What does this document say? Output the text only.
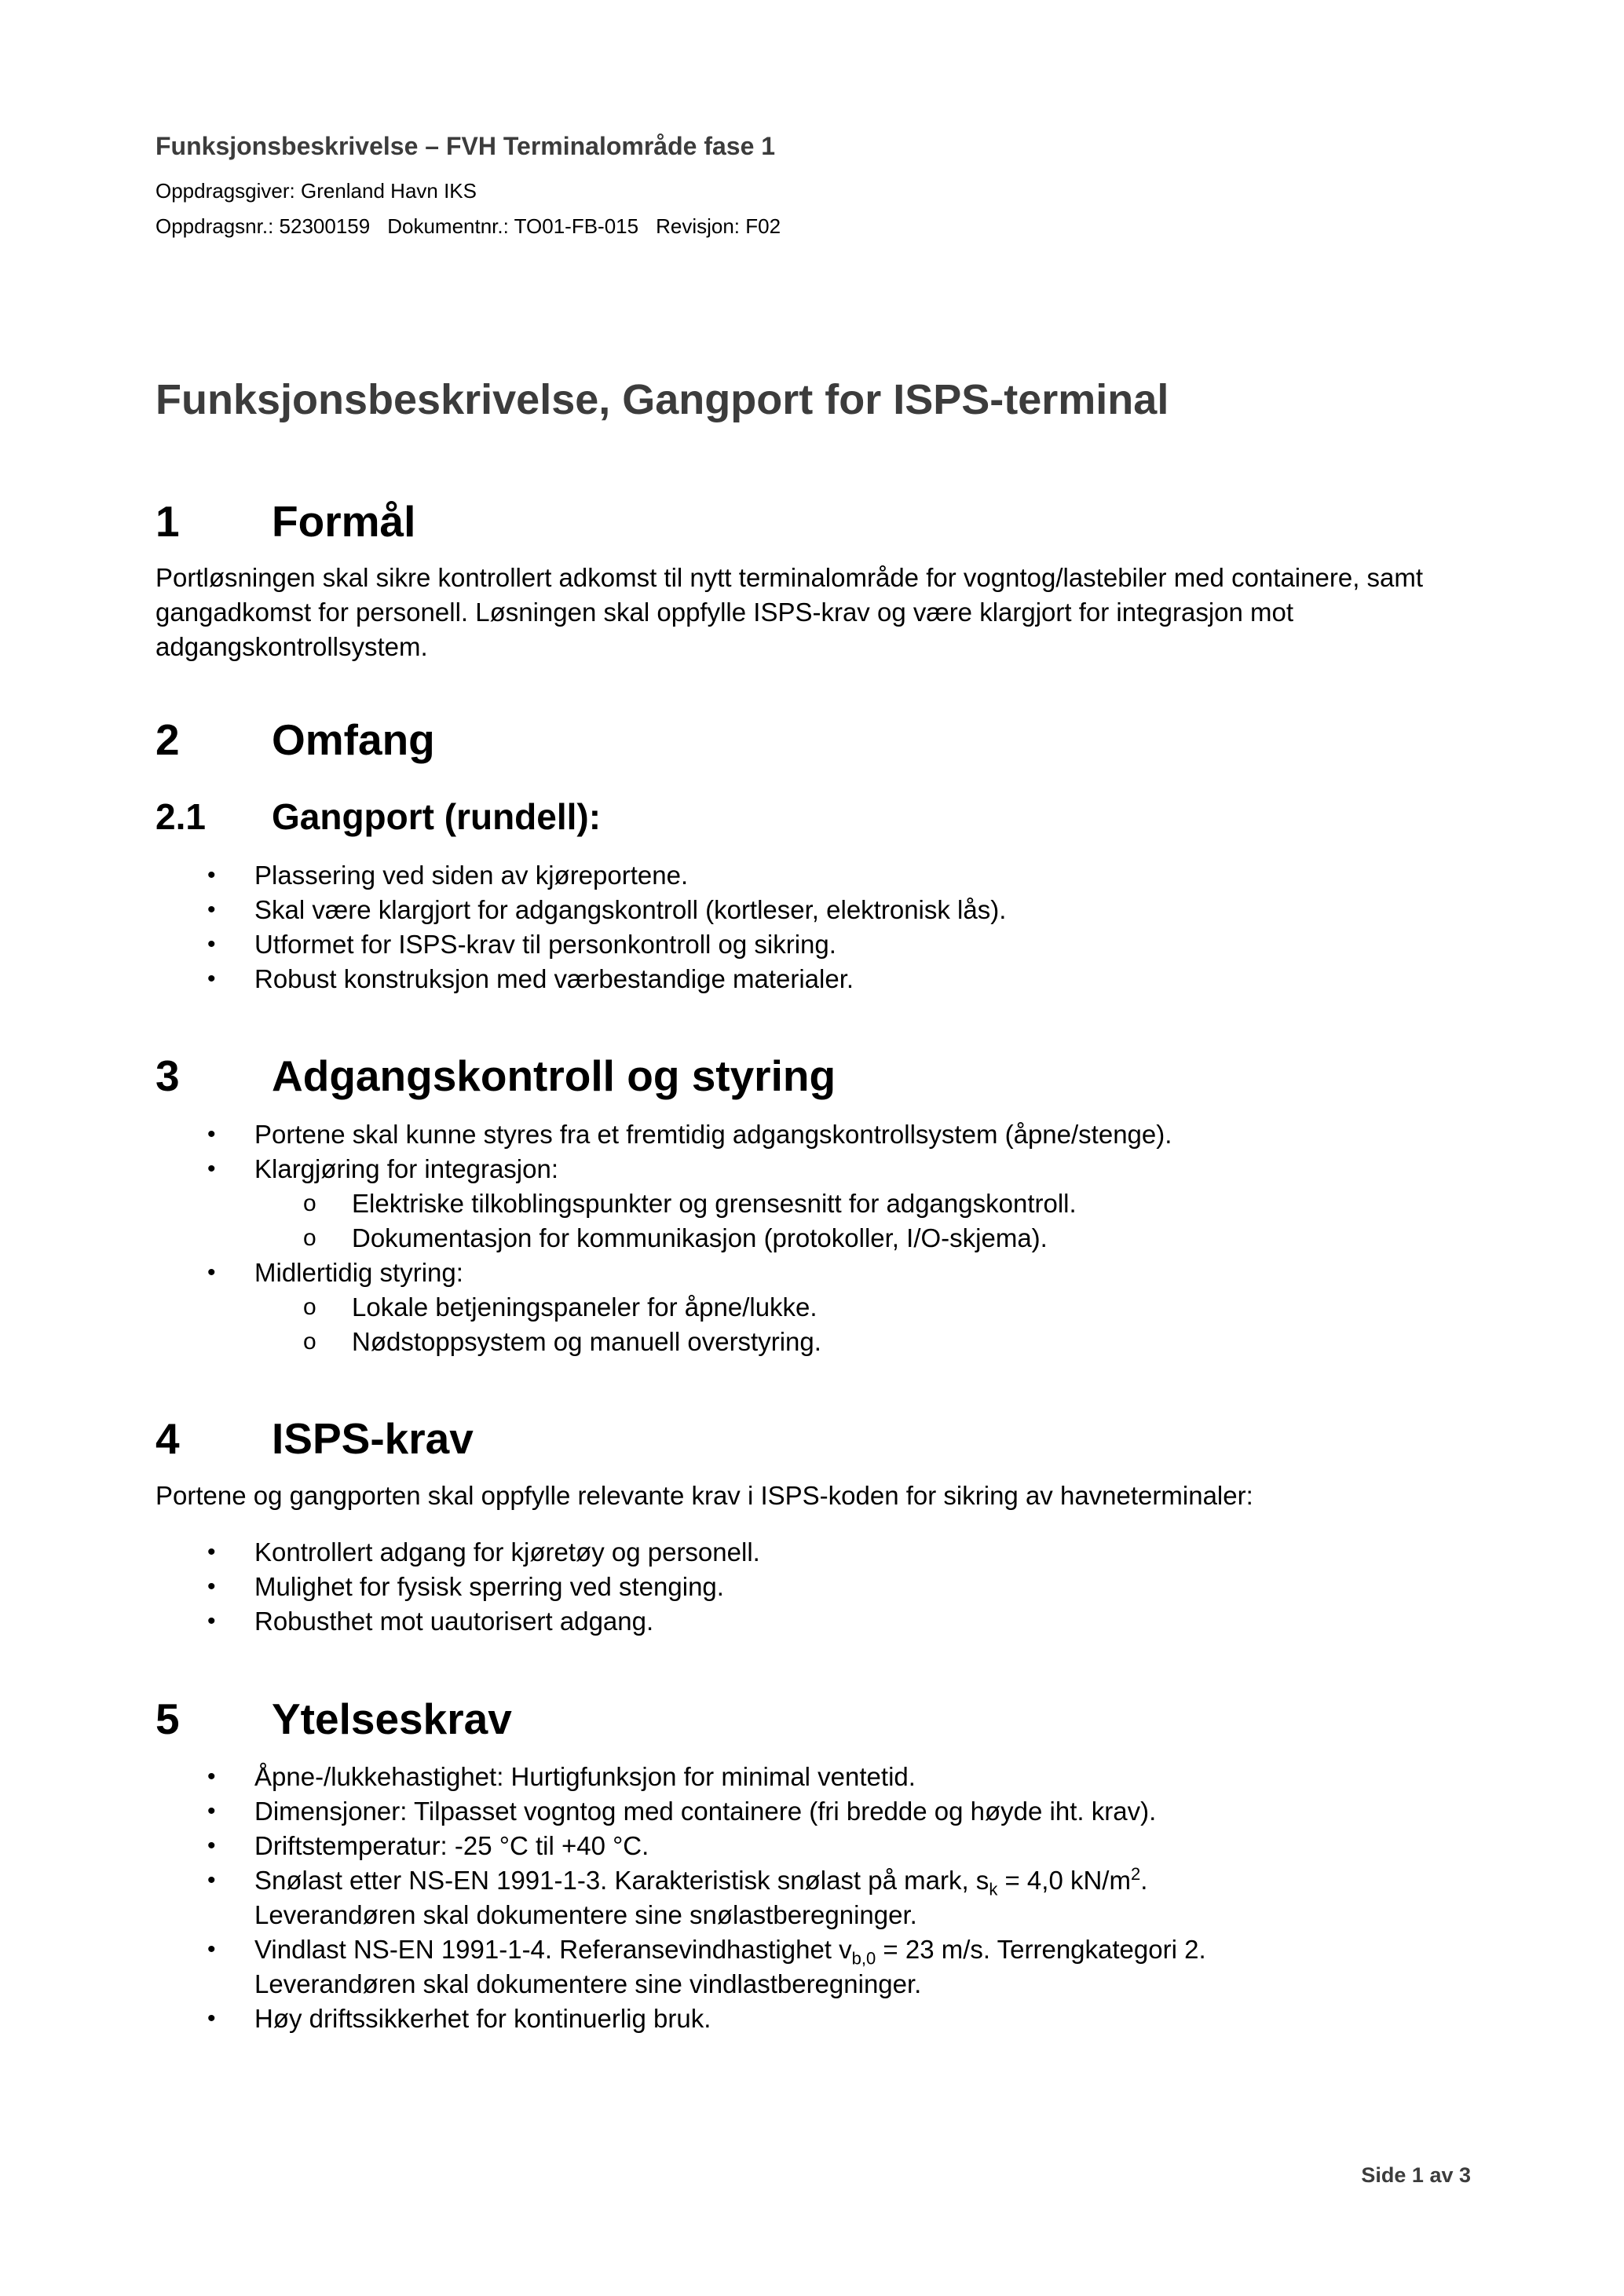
Funksjonsbeskrivelse – FVH Terminalområde fase 1
Oppdragsgiver: Grenland Havn IKS
Oppdragsnr.: 52300159 Dokumentnr.: TO01-FB-015 Revisjon: F02
Funksjonsbeskrivelse, Gangport for ISPS-terminal
1 Formål
Portløsningen skal sikre kontrollert adkomst til nytt terminalområde for vogntog/lastebiler med containere, samt gangadkomst for personell. Løsningen skal oppfylle ISPS-krav og være klargjort for integrasjon mot adgangskontrollsystem.
2 Omfang
2.1 Gangport (rundell):
• Plassering ved siden av kjøreportene.
• Skal være klargjort for adgangskontroll (kortleser, elektronisk lås).
• Utformet for ISPS-krav til personkontroll og sikring.
• Robust konstruksjon med værbestandige materialer.
3 Adgangskontroll og styring
• Portene skal kunne styres fra et fremtidig adgangskontrollsystem (åpne/stenge).
• Klargjøring for integrasjon:
o Elektriske tilkoblingspunkter og grensesnitt for adgangskontroll.
o Dokumentasjon for kommunikasjon (protokoller, I/O-skjema).
• Midlertidig styring:
o Lokale betjeningspaneler for åpne/lukke.
o Nødstoppsystem og manuell overstyring.
4 ISPS-krav
Portene og gangporten skal oppfylle relevante krav i ISPS-koden for sikring av havneterminaler:
• Kontrollert adgang for kjøretøy og personell.
• Mulighet for fysisk sperring ved stenging.
• Robusthet mot uautorisert adgang.
5 Ytelseskrav
• Åpne-/lukkehastighet: Hurtigfunksjon for minimal ventetid.
• Dimensjoner: Tilpasset vogntog med containere (fri bredde og høyde iht. krav).
• Driftstemperatur: -25 °C til +40 °C.
• Snølast etter NS-EN 1991-1-3. Karakteristisk snølast på mark, $s_k = 4,0$ $kN/m^2$.
Leverandøren skal dokumentere sine snølastberegninger.
• Vindlast NS-EN 1991-1-4. Referansevindhastighet $v_{b,0} = 23$ m/s. Terrengkategori 2.
Leverandøren skal dokumentere sine vindlastberegninger.
• Høy driftssikkerhet for kontinuerlig bruk.
Side 1 av 3
